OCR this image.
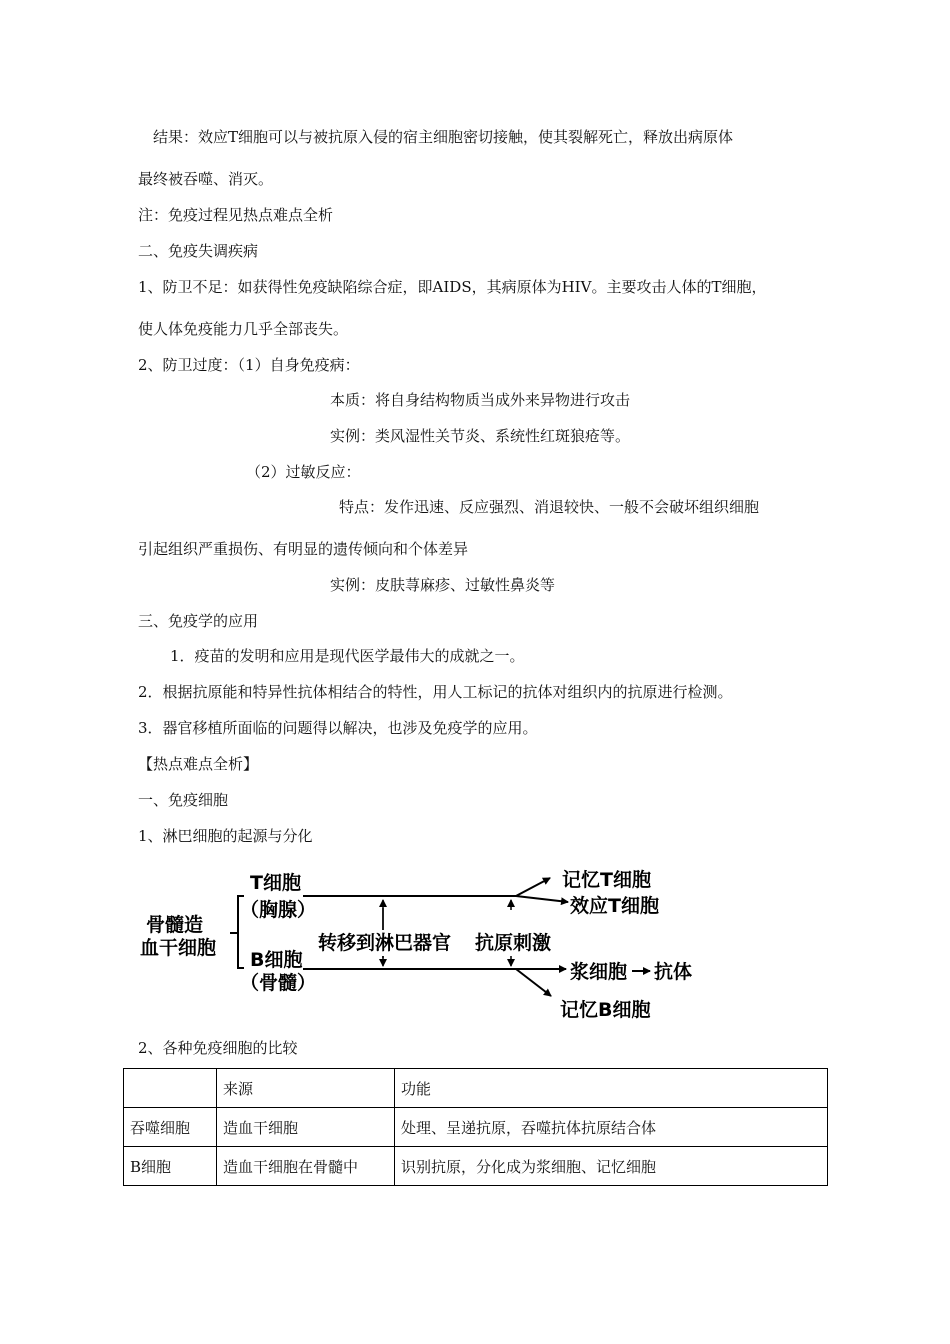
结果：效应T细胞可以与被抗原入侵的宿主细胞密切接触，使其裂解死亡，释放出病原体
最终被吞噬、消灭。
注：免疫过程见热点难点全析
二、免疫失调疾病
1、防卫不足：如获得性免疫缺陷综合症，即AIDS，其病原体为HIV。主要攻击人体的T细胞，
使人体免疫能力几乎全部丧失。
2、防卫过度：（1）自身免疫病：
本质：将自身结构物质当成外来异物进行攻击
实例：类风湿性关节炎、系统性红斑狼疮等。
（2）过敏反应：
特点：发作迅速、反应强烈、消退较快、一般不会破坏组织细胞
引起组织严重损伤、有明显的遗传倾向和个体差异
实例：皮肤荨麻疹、过敏性鼻炎等
三、免疫学的应用
1．疫苗的发明和应用是现代医学最伟大的成就之一。
2．根据抗原能和特异性抗体相结合的特性，用人工标记的抗体对组织内的抗原进行检测。
3．器官移植所面临的问题得以解决，也涉及免疫学的应用。
【热点难点全析】
一、免疫细胞
1、淋巴细胞的起源与分化
骨髓造
血干细胞
T细胞
（胸腺）
B细胞
（骨髓）
转移到淋巴器官 抗原刺激
记忆T细胞
效应T细胞
浆细胞 抗体
记忆B细胞
2、各种免疫细胞的比较
	来源	功能
吞噬细胞	造血干细胞	处理、呈递抗原，吞噬抗体抗原结合体
B细胞	造血干细胞在骨髓中	识别抗原，分化成为浆细胞、记忆细胞
